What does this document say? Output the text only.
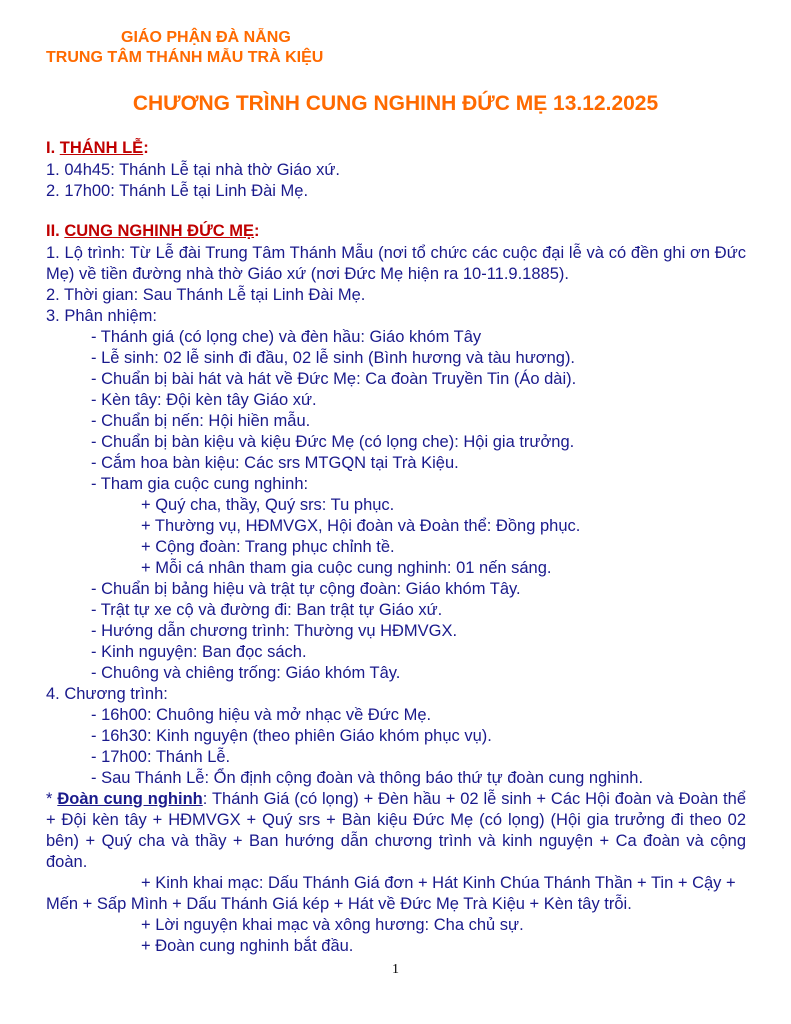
GIÁO PHẬN ĐÀ NẴNG
TRUNG TÂM THÁNH MẪU TRÀ KIỆU
CHƯƠNG TRÌNH CUNG NGHINH ĐỨC MẸ 13.12.2025
I. THÁNH LỄ:
1. 04h45: Thánh Lễ tại nhà thờ Giáo xứ.
2. 17h00: Thánh Lễ tại Linh Đài Mẹ.
II. CUNG NGHINH ĐỨC MẸ:
1. Lộ trình: Từ Lễ đài Trung Tâm Thánh Mẫu (nơi tổ chức các cuộc đại lễ và có đền ghi ơn Đức Mẹ) về tiền đường nhà thờ Giáo xứ (nơi Đức Mẹ hiện ra 10-11.9.1885).
2. Thời gian: Sau Thánh Lễ tại Linh Đài Mẹ.
3. Phân nhiệm:
- Thánh giá (có lọng che) và đèn hầu: Giáo khóm Tây
- Lễ sinh: 02 lễ sinh đi đầu, 02 lễ sinh (Bình hương và tàu hương).
- Chuẩn bị bài hát và hát về Đức Mẹ: Ca đoàn Truyền Tin (Áo dài).
- Kèn tây: Đội kèn tây Giáo xứ.
- Chuẩn bị nến: Hội hiền mẫu.
- Chuẩn bị bàn kiệu và kiệu Đức Mẹ (có lọng che): Hội gia trưởng.
- Cắm hoa bàn kiệu: Các srs MTGQN tại Trà Kiệu.
- Tham gia cuộc cung nghinh:
+ Quý cha, thầy, Quý srs: Tu phục.
+ Thường vụ, HĐMVGX, Hội đoàn và Đoàn thể: Đồng phục.
+ Cộng đoàn: Trang phục chỉnh tề.
+ Mỗi cá nhân tham gia cuộc cung nghinh: 01 nến sáng.
- Chuẩn bị bảng hiệu và trật tự cộng đoàn: Giáo khóm Tây.
- Trật tự xe cộ và đường đi: Ban trật tự Giáo xứ.
- Hướng dẫn chương trình: Thường vụ HĐMVGX.
- Kinh nguyện: Ban đọc sách.
- Chuông và chiêng trống: Giáo khóm Tây.
4. Chương trình:
- 16h00: Chuông hiệu và mở nhạc về Đức Mẹ.
- 16h30: Kinh nguyện (theo phiên Giáo khóm phục vụ).
- 17h00: Thánh Lễ.
- Sau Thánh Lễ: Ổn định cộng đoàn và thông báo thứ tự đoàn cung nghinh.
* Đoàn cung nghinh: Thánh Giá (có lọng) + Đèn hầu + 02 lễ sinh + Các Hội đoàn và Đoàn thể + Đội kèn tây + HĐMVGX + Quý srs + Bàn kiệu Đức Mẹ (có lọng) (Hội gia trưởng đi theo 02 bên) + Quý cha và thầy + Ban hướng dẫn chương trình và kinh nguyện + Ca đoàn và cộng đoàn.
+ Kinh khai mạc: Dấu Thánh Giá đơn + Hát Kinh Chúa Thánh Thần + Tin + Cậy + Mến + Sấp Mình + Dấu Thánh Giá kép + Hát về Đức Mẹ Trà Kiệu + Kèn tây trỗi.
+ Lời nguyện khai mạc và xông hương: Cha chủ sự.
+ Đoàn cung nghinh bắt đầu.
1
